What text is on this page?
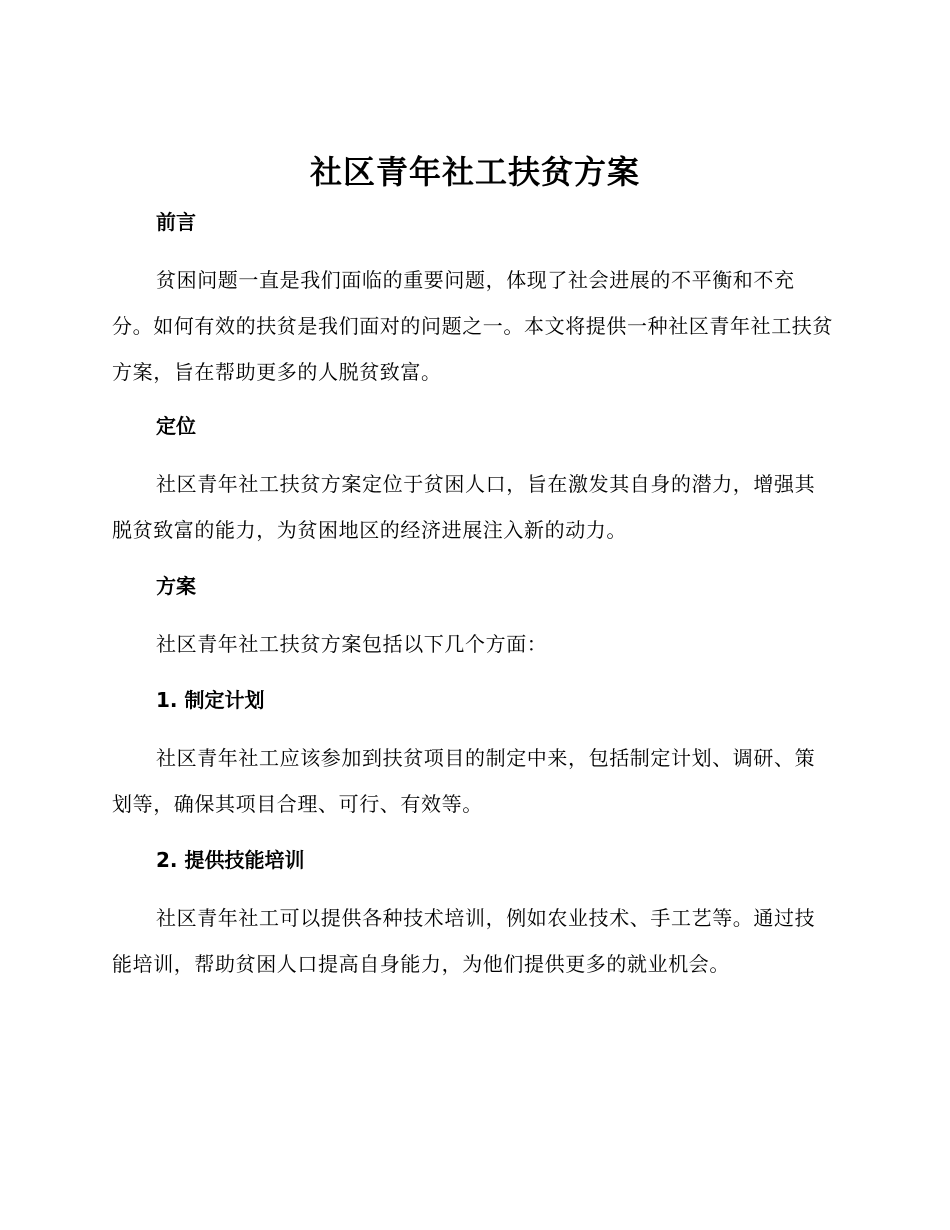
社区青年社工扶贫方案
前言
贫困问题一直是我们面临的重要问题，体现了社会进展的不平衡和不充分。如何有效的扶贫是我们面对的问题之一。本文将提供一种社区青年社工扶贫方案，旨在帮助更多的人脱贫致富。
定位
社区青年社工扶贫方案定位于贫困人口，旨在激发其自身的潜力，增强其脱贫致富的能力，为贫困地区的经济进展注入新的动力。
方案
社区青年社工扶贫方案包括以下几个方面：
1. 制定计划
社区青年社工应该参加到扶贫项目的制定中来，包括制定计划、调研、策划等，确保其项目合理、可行、有效等。
2. 提供技能培训
社区青年社工可以提供各种技术培训，例如农业技术、手工艺等。通过技能培训，帮助贫困人口提高自身能力，为他们提供更多的就业机会。
